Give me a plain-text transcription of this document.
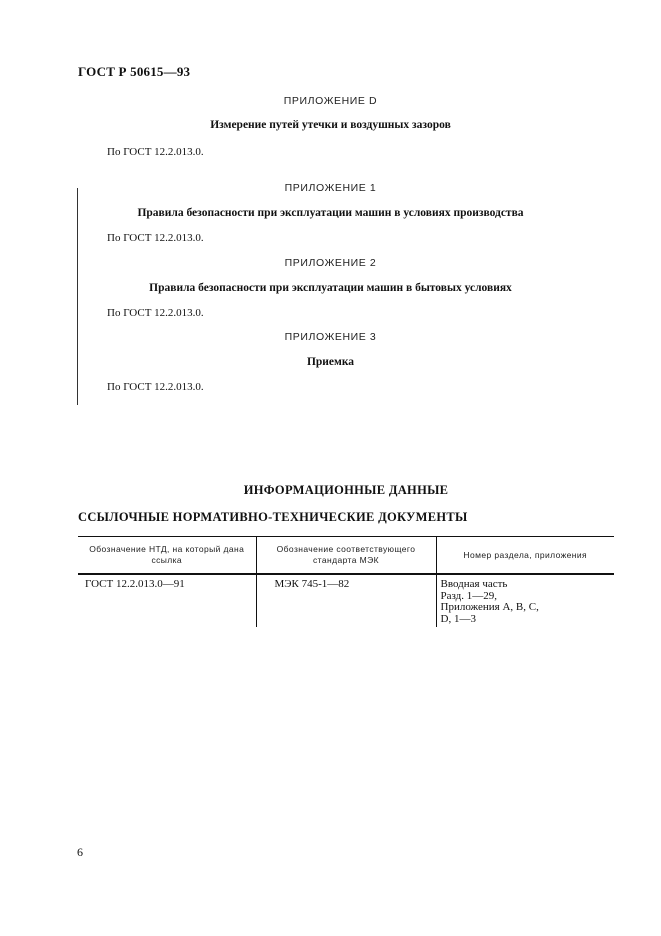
ГОСТ Р 50615—93
ПРИЛОЖЕНИЕ D
Измерение путей утечки и воздушных зазоров
По ГОСТ 12.2.013.0.
ПРИЛОЖЕНИЕ 1
Правила безопасности при эксплуатации машин в условиях производства
По ГОСТ 12.2.013.0.
ПРИЛОЖЕНИЕ 2
Правила безопасности при эксплуатации машин в бытовых условиях
По ГОСТ 12.2.013.0.
ПРИЛОЖЕНИЕ 3
Приемка
По ГОСТ 12.2.013.0.
ИНФОРМАЦИОННЫЕ ДАННЫЕ
ССЫЛОЧНЫЕ НОРМАТИВНО-ТЕХНИЧЕСКИЕ ДОКУМЕНТЫ
Обозначение НТД, на который дана ссылка	Обозначение соответствующего стандарта МЭК	Номер раздела, приложения
ГОСТ 12.2.013.0—91	МЭК 745-1—82	Вводная часть
Разд. 1—29,
Приложения А, В, С,
D, 1—3
6
